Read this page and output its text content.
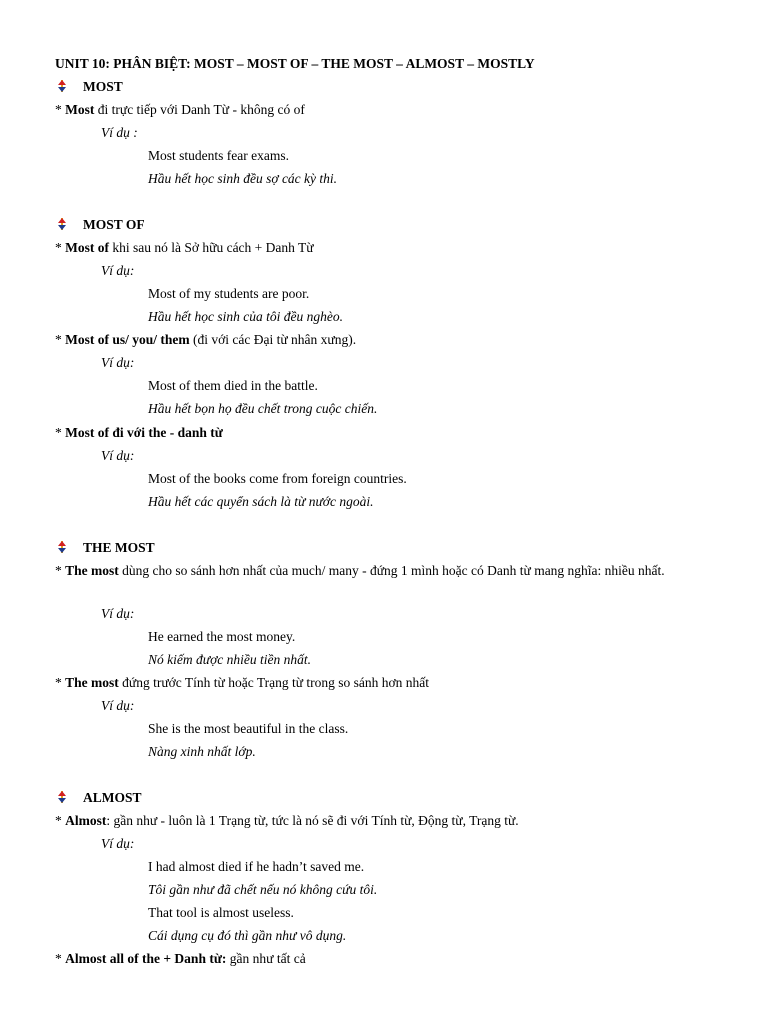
UNIT 10: PHÂN BIỆT: MOST – MOST OF – THE MOST – ALMOST – MOSTLY
MOST
* Most đi trực tiếp với Danh Từ - không có of
Ví dụ :
Most students fear exams.
Hầu hết học sinh đều sợ các kỳ thi.
MOST OF
* Most of khi sau nó là Sở hữu cách + Danh Từ
Ví dụ:
Most of my students are poor.
Hầu hết học sinh của tôi đều nghèo.
* Most of us/ you/ them (đi với các Đại từ nhân xưng).
Ví dụ:
Most of them died in the battle.
Hầu hết bọn họ đều chết trong cuộc chiến.
* Most of đi với the - danh từ
Ví dụ:
Most of the books come from foreign countries.
Hầu hết các quyển sách là từ nước ngoài.
THE MOST
* The most dùng cho so sánh hơn nhất của much/ many - đứng 1 mình hoặc có Danh từ mang nghĩa: nhiều nhất.
Ví dụ:
He earned the most money.
Nó kiếm được nhiều tiền nhất.
* The most đứng trước Tính từ hoặc Trạng từ trong so sánh hơn nhất
Ví dụ:
She is the most beautiful in the class.
Nàng xinh nhất lớp.
ALMOST
* Almost: gần như - luôn là 1 Trạng từ, tức là nó sẽ đi với Tính từ, Động từ, Trạng từ.
Ví dụ:
I had almost died if he hadn’t saved me.
Tôi gần như đã chết nếu nó không cứu tôi.
That tool is almost useless.
Cái dụng cụ đó thì gần như vô dụng.
* Almost all of the + Danh từ: gần như tất cả
